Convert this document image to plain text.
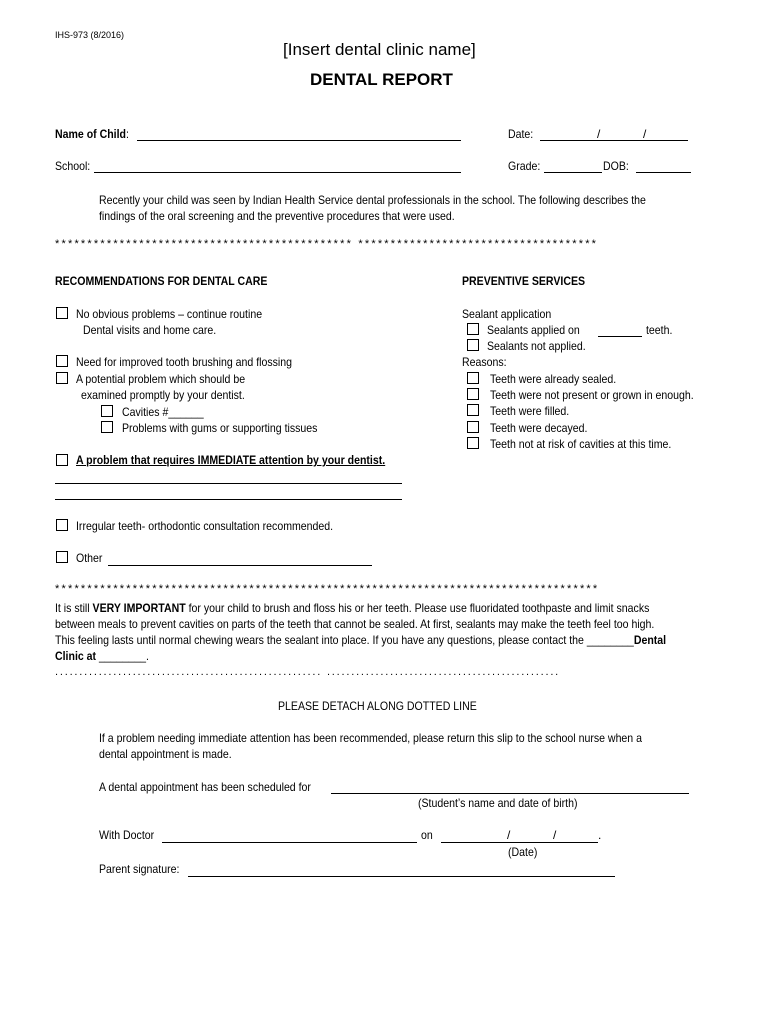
IHS-973 (8/2016)
[Insert dental clinic name]
DENTAL REPORT
Name of Child:	Date:	/	/
School:	Grade:	DOB:
Recently your child was seen by Indian Health Service dental professionals in the school. The following describes the
findings of the oral screening and the preventive procedures that were used.
********************************************** *************************************
RECOMMENDATIONS FOR DENTAL CARE
No obvious problems – continue routine
Dental visits and home care.
Need for improved tooth brushing and flossing
A potential problem which should be
examined promptly by your dentist.
Cavities #______
Problems with gums or supporting tissues
A problem that requires IMMEDIATE attention by your dentist.
Irregular teeth- orthodontic consultation recommended.
Other
PREVENTIVE SERVICES
Sealant application
Sealants applied on	teeth.
Sealants not applied.
Reasons:
Teeth were already sealed.
Teeth were not present or grown in enough.
Teeth were filled.
Teeth were decayed.
Teeth not at risk of cavities at this time.
************************************************************************************
It is still VERY IMPORTANT for your child to brush and floss his or her teeth. Please use fluoridated toothpaste and limit snacks
between meals to prevent cavities on parts of the teeth that cannot be sealed. At first, sealants may make the teeth feel too high.
This feeling lasts until normal chewing wears the sealant into place. If you have any questions, please contact the ________Dental
Clinic at ________.
....................................................... ................................................
PLEASE DETACH ALONG DOTTED LINE
If a problem needing immediate attention has been recommended, please return this slip to the school nurse when a
dental appointment is made.
A dental appointment has been scheduled for
(Student’s name and date of birth)
With Doctor	on	/	/	.
(Date)
Parent signature:
